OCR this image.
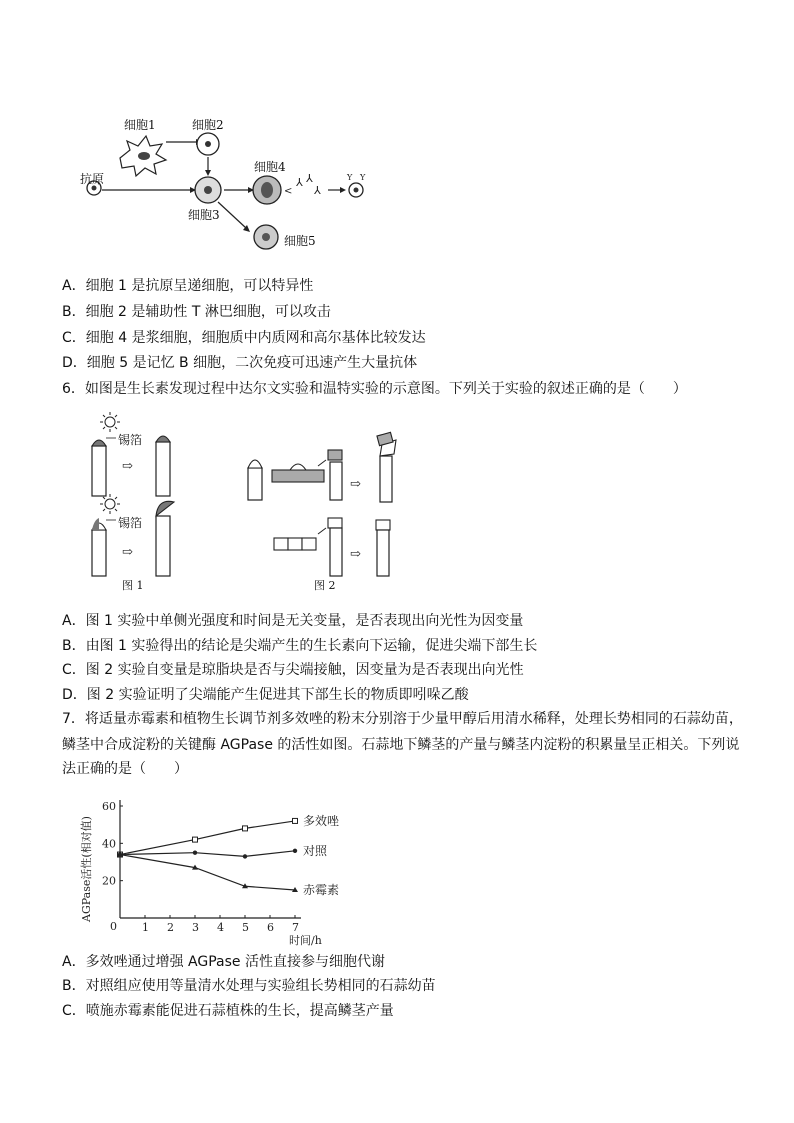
<
⅄ ⅄
⅄
Y Y
细胞1	细胞2
抗原
细胞3
细胞4
细胞5
A．细胞 1 是抗原呈递细胞，可以特异性
B．细胞 2 是辅助性 T 淋巴细胞，可以攻击
C．细胞 4 是浆细胞，细胞质中内质网和高尔基体比较发达
D．细胞 5 是记忆 B 细胞，二次免疫可迅速产生大量抗体
6．如图是生长素发现过程中达尔文实验和温特实验的示意图。下列关于实验的叙述正确的是（　　）
⇨
⇨
⇨
⇨
锡箔
锡箔
图 1	图 2
A．图 1 实验中单侧光强度和时间是无关变量，是否表现出向光性为因变量
B．由图 1 实验得出的结论是尖端产生的生长素向下运输，促进尖端下部生长
C．图 2 实验自变量是琼脂块是否与尖端接触，因变量为是否表现出向光性
D．图 2 实验证明了尖端能产生促进其下部生长的物质即吲哚乙酸
7．将适量赤霉素和植物生长调节剂多效唑的粉末分别溶于少量甲醇后用清水稀释，处理长势相同的石蒜幼苗，
鳞茎中合成淀粉的关键酶 AGPase 的活性如图。石蒜地下鳞茎的产量与鳞茎内淀粉的积累量呈正相关。下列说
法正确的是（　　）
0 1 2 3 4 5 6 7
20
40
60
时间/h
AGPase活性(相对值)	多效唑
对照
赤霉素
A．多效唑通过增强 AGPase 活性直接参与细胞代谢
B．对照组应使用等量清水处理与实验组长势相同的石蒜幼苗
C．喷施赤霉素能促进石蒜植株的生长，提高鳞茎产量
